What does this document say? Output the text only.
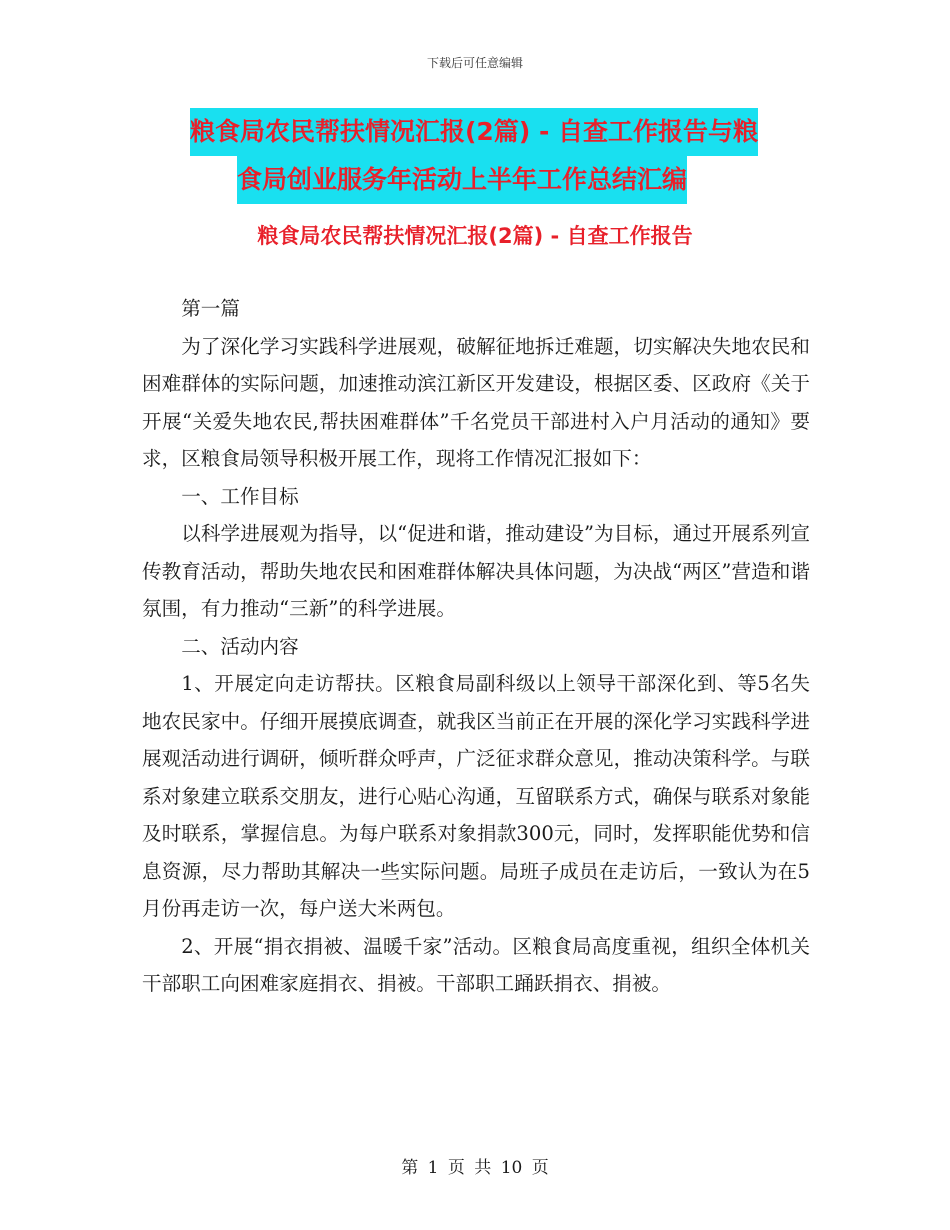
下载后可任意编辑
粮食局农民帮扶情况汇报(2篇) - 自查工作报告与粮
食局创业服务年活动上半年工作总结汇编
粮食局农民帮扶情况汇报(2篇) - 自查工作报告

第一篇

为了深化学习实践科学进展观，破解征地拆迁难题，切实解决失地农民和困难群体的实际问题，加速推动滨江新区开发建设，根据区委、区政府《关于开展“关爱失地农民,帮扶困难群体”千名党员干部进村入户月活动的通知》要求，区粮食局领导积极开展工作，现将工作情况汇报如下：

一、工作目标

以科学进展观为指导，以“促进和谐，推动建设”为目标，通过开展系列宣传教育活动，帮助失地农民和困难群体解决具体问题，为决战“两区”营造和谐氛围，有力推动“三新”的科学进展。

二、活动内容

1、开展定向走访帮扶。区粮食局副科级以上领导干部深化到、等5名失地农民家中。仔细开展摸底调查，就我区当前正在开展的深化学习实践科学进展观活动进行调研，倾听群众呼声，广泛征求群众意见，推动决策科学。与联系对象建立联系交朋友，进行心贴心沟通，互留联系方式，确保与联系对象能及时联系，掌握信息。为每户联系对象捐款300元，同时，发挥职能优势和信息资源，尽力帮助其解决一些实际问题。局班子成员在走访后，一致认为在5月份再走访一次，每户送大米两包。

2、开展“捐衣捐被、温暖千家”活动。区粮食局高度重视，组织全体机关干部职工向困难家庭捐衣、捐被。干部职工踊跃捐衣、捐被。

第 1 页 共 10 页
